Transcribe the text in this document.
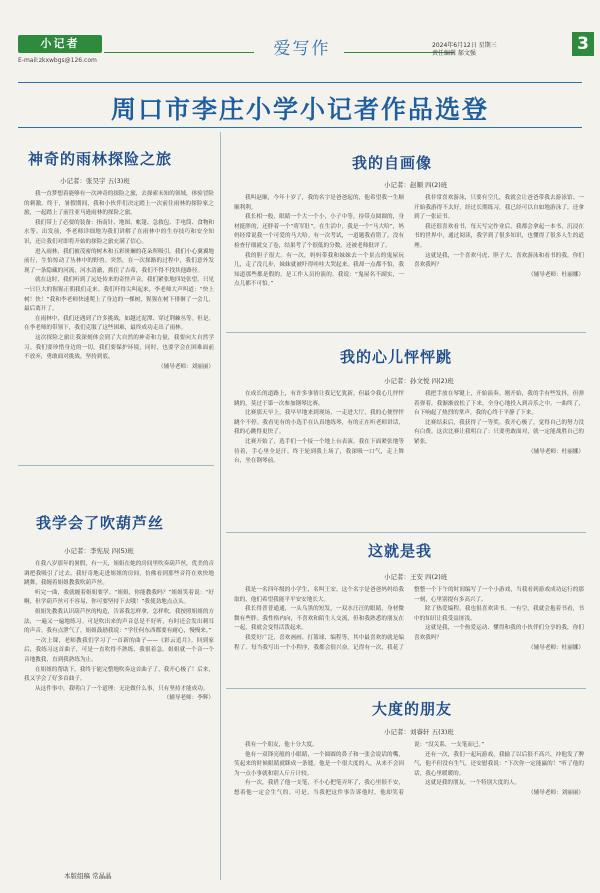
小记者
E-mail:zkxwbgs@126.com
爱写作	2024年6月12日 星期三
责任编辑 郝文强	3
周口市李庄小学小记者作品选登
神奇的雨林探险之旅
小记者：张昊宇 五(3)班

我一直梦想着能够有一次神奇的探险之旅，去探索未知的领域，体验冒险的刺激。终于，暑假期间，我和小伙伴们决定踏上一次前往雨林的探险家之旅，一起踏上了前往亚马逊雨林的探险之旅。

我们带上了必要的装备：指南针、地图、帐篷、急救包、手电筒、食物和水等。出发前，李老师详细地为我们讲解了在雨林中的生存技巧和安全知识，还让我们对即将开始的探险之旅充满了信心。

进入雨林，我们被茂密的树木和五彩斑斓的花朵所吸引。我们小心翼翼地前行，生怕惊动了丛林中的野兽。突然，在一次探路的过程中，我们意外发现了一条隐藏的河流，河水清澈，抓住了吉希，我们不得不找其他路径。

就在这时，我们听到了远处传来的奇怪声音。我们紧张地四处张望。只见一只巨大的猩猩正朝我们走来。我们吓得尖叫起来，李老师大声叫道：“快上树！快！”我和李老师快速爬上了身边的一棵树，猩猩在树下徘徊了一会儿，最后离开了。

在雨林中，我们还遇到了许多挑战，如越过泥潭、穿过荆棘丛等。但是，在李老师的带领下，我们克服了这些困难，最终成功走出了雨林。

这次探险之旅让我深刻体会到了大自然的神奇和力量，我要向大自然学习。我们要珍惜身边的一切，我们要保护环境，同时，也要学会在困难面前不放弃，勇敢面对挑战，坚持到底。

（辅导老师：刘丽丽）
我学会了吹葫芦丝
小记者：李宪辰 四(5)班

在我八岁那年的暑假，有一天，姐姐在她的房间里吹奏葫芦丝，优美的音调把我吸引了过去。我好奇地走进姐姐的房间，仿佛看到那些音符在欢快地跳舞，我缠着姐姐教我吹葫芦丝。

听完一曲，我就缠着姐姐要学。“姐姐，你能教我吗？”姐姐笑着说：“好啊，但学葫芦丝可不容易，你可要坚持下去哦！”我使劲地点点头。

姐姐先教我认识葫芦丝的构造，告诉我怎样拿，怎样吹。我按照姐姐的方法，一遍又一遍地练习。可是吹出来的声音总是不好听，有时还会发出刺耳的声音。我有点泄气了，姐姐鼓励我说：“学任何东西都要有耐心，慢慢来。”

一次上课，老师教我们学习了一首新的曲子——《彩云追月》。回到家后，我练习这首曲子，可是一直吹得不熟练，我很着急。姐姐就一个音一个音地教我，直到我熟练为止。

在姐姐的帮助下，我终于能完整地吹奏这首曲子了，我开心极了！后来，我又学会了好多首曲子。

从这件事中，我明白了一个道理：无论做什么事，只有坚持才能成功。

（辅导老师：李辉）
本版组稿 常晶晶
我的自画像
小记者：赵顺 四(2)班

我叫赵顺，今年十岁了，我的名字是爸爸起的，他希望我一生顺顺利利。

我长相一般，眼睛一个大一个小，小子中等，捡带点圆圆的，身材挺胖的，还胖着一个“将军肚”。在生活中，我是一个“马大哈”，妈妈经常说我一个可爱的马大哈。有一次考试，一道题我看错了，没有检查仔细就交了卷，结果考了个很低的分数，还被老师批评了。

我的胆子很大。有一次，妈妈带我和妹妹去一个景点的鬼屋玩儿，走了没几步，妹妹就被吓得哇哇大哭起来。我却一点都不怕，我知道那些都是假的，是工作人员扮演的。我说：“鬼屋名不副实，一点儿都不可怕。”

我非常喜欢游泳，只要有空儿，我就会让爸爸带我去游泳馆。一开始我游得不太好，经过长期练习，我已经可以自如地游泳了，还拿到了一张证书。

我还很喜欢看书，每天写完作业后，我都会拿起一本书，沉浸在书的世界中，通过阅读，我学到了很多知识，也懂得了很多人生的道理。

这就是我，一个喜欢马虎、胆子大、喜欢游泳和看书的我，你们喜欢我吗？

（辅导老师：杜丽娜）
我的心儿怦怦跳
小记者：孙文悦 四(2)班

在成长的道路上，有许多事情让我记忆犹新，但最令我心儿怦怦跳的，莫过于第一次参加钢琴比赛。

比赛那天早上，我早早地来到现场，一走进大厅，我的心便怦怦跳个不停。我看见有的小选手在认真地练琴，有的正在听老师讲话，我的心跳得更快了。

比赛开始了，选手们一个接一个地上台表演。我在下面紧张地等待着，手心里全是汗。终于轮到我上场了，我深吸一口气，走上舞台，坐在钢琴前。

我把手放在琴键上，开始演奏。刚开始，我的手有些发抖，但弹着弹着，我渐渐放松了下来，全身心地投入到音乐之中。一曲终了，台下响起了热烈的掌声，我的心终于平静了下来。

比赛结束后，我获得了一等奖。我开心极了，觉得自己的努力没有白费。这次比赛让我明白了：只要勇敢面对，就一定能战胜自己的紧张。

（辅导老师：杜丽娜）
这就是我
小记者：王安 四(2)班

我是一名四年级的小学生，名叫王安。这个名字是爸爸妈妈给我取的，他们希望我能平平安安地长大。

我长得普普通通，一头乌黑的短发，一双水汪汪的眼睛，身材微微有些胖。我性格内向，不喜欢和陌生人交流，但和我熟悉的朋友在一起，我就会变得活泼起来。

我爱好广泛，喜欢画画、打篮球、编程等，其中最喜欢的就是编程了。每当我写出一个小程序，我都会很兴奋。记得有一次，我花了整整一个下午的时间编写了一个小游戏，当我看到游戏成功运行的那一刻，心里别提有多高兴了。

除了热爱编程，我也很喜欢读书。一有空，我就会抱着书看，书中的知识让我受益匪浅。

这就是我，一个热爱运动、懂得和我的小伙伴们分享的我，你们喜欢我吗？

（辅导老师：杜丽娜）
大度的朋友
小记者：刘睿轩 五(3)班

我有一个朋友，他十分大度。

他有一双锋亮般的小眼睛，一个圆圆的鼻子和一张会说话的嘴，笑起来的时候眼睛就眯成一条缝。他是一个很大度的人，从来不会因为一点小事就和别人斤斤计较。

有一次，我借了他一支笔，不小心把笔弄坏了，我心里很不安，想着他一定会生气的。可是，当我把这件事告诉他时，他却笑着说：“没关系，一支笔而已。”

还有一次，我们一起玩游戏，我输了以后很不高兴，冲他发了脾气，他不但没有生气，还安慰我说：“下次你一定能赢的！”听了他的话，我心里暖暖的。

这就是我的朋友，一个特别大度的人。

（辅导老师：刘丽丽）
